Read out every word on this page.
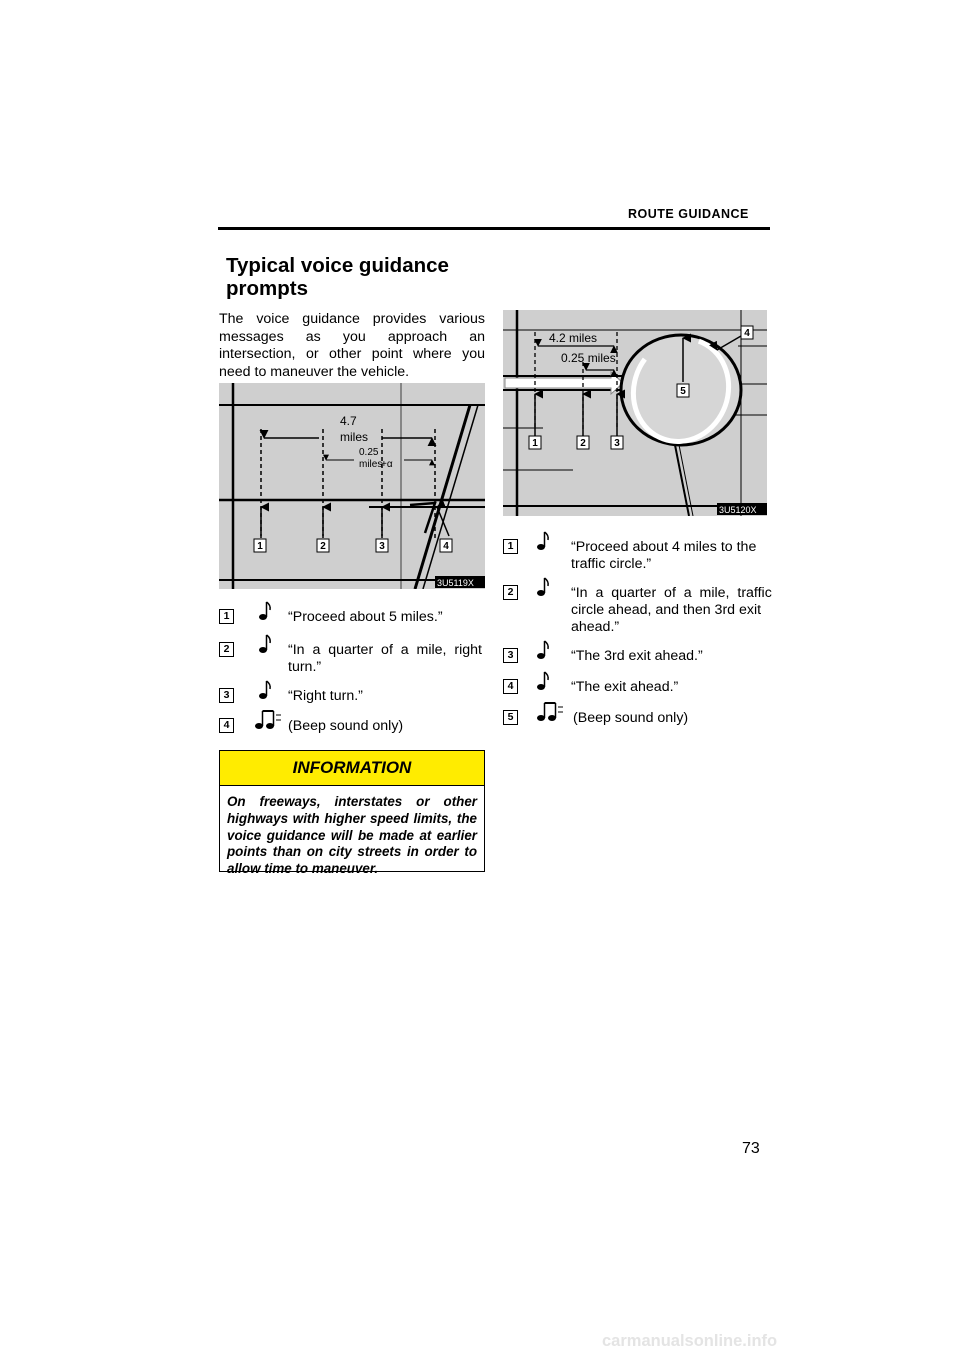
ROUTE GUIDANCE
Typical voice guidance
prompts
The voice guidance provides various messages as you approach an intersection, or other point where you need to maneuver the vehicle.
4.7
miles
0.25
miles
+α
1	2	3	4
3U5119X
1	“Proceed about 5 miles.”
2	“In  a  quarter  of  a  mile,  right
turn.”
3	“Right turn.”
4	(Beep sound only)
INFORMATION
On freeways, interstates or other highways with higher speed limits, the voice guidance will be made at earlier points than on city streets in order to allow time to maneuver.
4.2 miles
0.25 miles
1	2	3
4
5
3U5120X
1	“Proceed about 4 miles to the
traffic circle.”
2	“In  a  quarter  of  a  mile,  traffic
circle ahead, and then 3rd exit
ahead.”
3	“The 3rd exit ahead.”
4	“The exit ahead.”
5	(Beep sound only)
73
carmanualsonline.info
